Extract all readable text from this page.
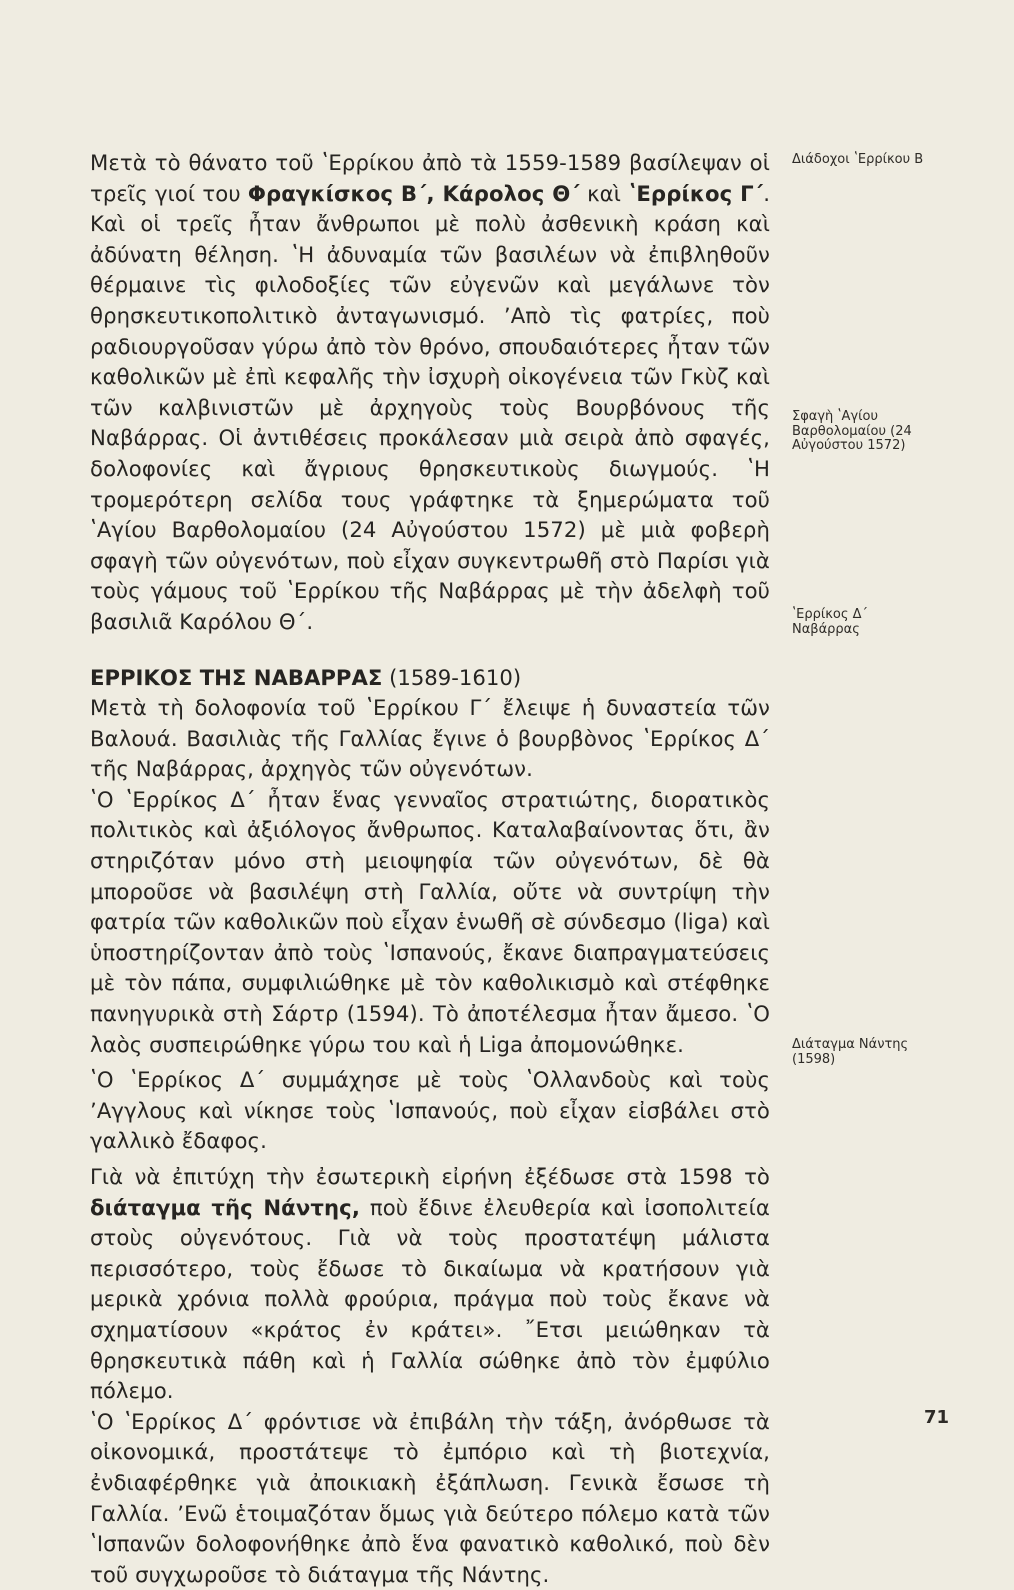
Μετὰ τὸ θάνατο τοῦ ʽΕρρίκου ἀπὸ τὰ 1559-1589 βασίλεψαν οἱ τρεῖς γιοί του Φραγκίσκος Β΄, Κάρολος Θ΄ καὶ ʽΕρρίκος Γ΄. Καὶ οἱ τρεῖς ἦταν ἄνθρωποι μὲ πολὺ ἀσθενικὴ κράση καὶ ἀδύνατη θέληση. ʽΗ ἀδυναμία τῶν βασιλέων νὰ ἐπιβληθοῦν θέρμαινε τὶς φιλοδοξίες τῶν εὐγενῶν καὶ μεγάλωνε τὸν θρησκευτικοπολιτικὸ ἀνταγωνισμό. ʼΑπὸ τὶς φατρίες, ποὺ ραδιουργοῦσαν γύρω ἀπὸ τὸν θρόνο, σπουδαιότερες ἦταν τῶν καθολικῶν μὲ ἐπὶ κεφαλῆς τὴν ἰσχυρὴ οἰκογένεια τῶν Γκὺζ καὶ τῶν καλβινιστῶν μὲ ἀρχηγοὺς τοὺς Βουρβόνους τῆς Ναβάρρας. Οἱ ἀντιθέσεις προκάλεσαν μιὰ σειρὰ ἀπὸ σφαγές, δολοφονίες καὶ ἄγριους θρησκευτικοὺς διωγμούς. ʽΗ τρομερότερη σελίδα τους γράφτηκε τὰ ξημερώματα τοῦ ʽΑγίου Βαρθολομαίου (24 Αὐγούστου 1572) μὲ μιὰ φοβερὴ σφαγὴ τῶν οὐγενότων, ποὺ εἶχαν συγκεντρωθῆ στὸ Παρίσι γιὰ τοὺς γάμους τοῦ ʽΕρρίκου τῆς Ναβάρρας μὲ τὴν ἀδελφὴ τοῦ βασιλιᾶ Καρόλου Θ΄.

ΕΡΡΙΚΟΣ ΤΗΣ ΝΑΒΑΡΡΑΣ (1589-1610)

Μετὰ τὴ δολοφονία τοῦ ʽΕρρίκου Γ΄ ἔλειψε ἡ δυναστεία τῶν Βαλουά. Βασιλιὰς τῆς Γαλλίας ἔγινε ὁ βουρβὸνος ʽΕρρίκος Δ΄ τῆς Ναβάρρας, ἀρχηγὸς τῶν οὐγενότων.

ʽΟ ʽΕρρίκος Δ΄ ἦταν ἕνας γενναῖος στρατιώτης, διορατικὸς πολιτικὸς καὶ ἀξιόλογος ἄνθρωπος. Καταλαβαίνοντας ὅτι, ἂν στηριζόταν μόνο στὴ μειοψηφία τῶν οὐγενότων, δὲ θὰ μποροῦσε νὰ βασιλέψη στὴ Γαλλία, οὔτε νὰ συντρίψη τὴν φατρία τῶν καθολικῶν ποὺ εἶχαν ἑνωθῆ σὲ σύνδεσμο (liga) καὶ ὑποστηρίζονταν ἀπὸ τοὺς ʽΙσπανούς, ἔκανε διαπραγματεύσεις μὲ τὸν πάπα, συμφιλιώθηκε μὲ τὸν καθολικισμὸ καὶ στέφθηκε πανηγυρικὰ στὴ Σάρτρ (1594). Τὸ ἀποτέλεσμα ἦταν ἄμεσο. ʽΟ λαὸς συσπειρώθηκε γύρω του καὶ ἡ Liga ἀπομονώθηκε.

ʽΟ ʽΕρρίκος Δ΄ συμμάχησε μὲ τοὺς ʽΟλλανδοὺς καὶ τοὺς ʼΑγγλους καὶ νίκησε τοὺς ʽΙσπανούς, ποὺ εἶχαν εἰσβάλει στὸ γαλλικὸ ἔδαφος.

Γιὰ νὰ ἐπιτύχη τὴν ἐσωτερικὴ εἰρήνη ἐξέδωσε στὰ 1598 τὸ διάταγμα τῆς Νάντης, ποὺ ἔδινε ἐλευθερία καὶ ἰσοπολιτεία στοὺς οὐγενότους. Γιὰ νὰ τοὺς προστατέψη μάλιστα περισσότερο, τοὺς ἔδωσε τὸ δικαίωμα νὰ κρατήσουν γιὰ μερικὰ χρόνια πολλὰ φρούρια, πράγμα ποὺ τοὺς ἔκανε νὰ σχηματίσουν «κράτος ἐν κράτει». ῎Ετσι μειώθηκαν τὰ θρησκευτικὰ πάθη καὶ ἡ Γαλλία σώθηκε ἀπὸ τὸν ἐμφύλιο πόλεμο.

ʽΟ ʽΕρρίκος Δ΄ φρόντισε νὰ ἐπιβάλη τὴν τάξη, ἀνόρθωσε τὰ οἰκονομικά, προστάτεψε τὸ ἐμπόριο καὶ τὴ βιοτεχνία, ἐνδιαφέρθηκε γιὰ ἀποικιακὴ ἐξάπλωση. Γενικὰ ἔσωσε τὴ Γαλλία. ʼΕνῶ ἑτοιμαζόταν ὅμως γιὰ δεύτερο πόλεμο κατὰ τῶν ʽΙσπανῶν δολοφονήθηκε ἀπὸ ἕνα φανατικὸ καθολικό, ποὺ δὲν τοῦ συγχωροῦσε τὸ διάταγμα τῆς Νάντης.

Διάδοχοι ʽΕρρίκου Β
Σφαγὴ ʽΑγίου Βαρθολομαίου (24 Αὐγούστου 1572)
ʽΕρρίκος Δ΄ Ναβάρρας
Διάταγμα Νάντης (1598)
71
